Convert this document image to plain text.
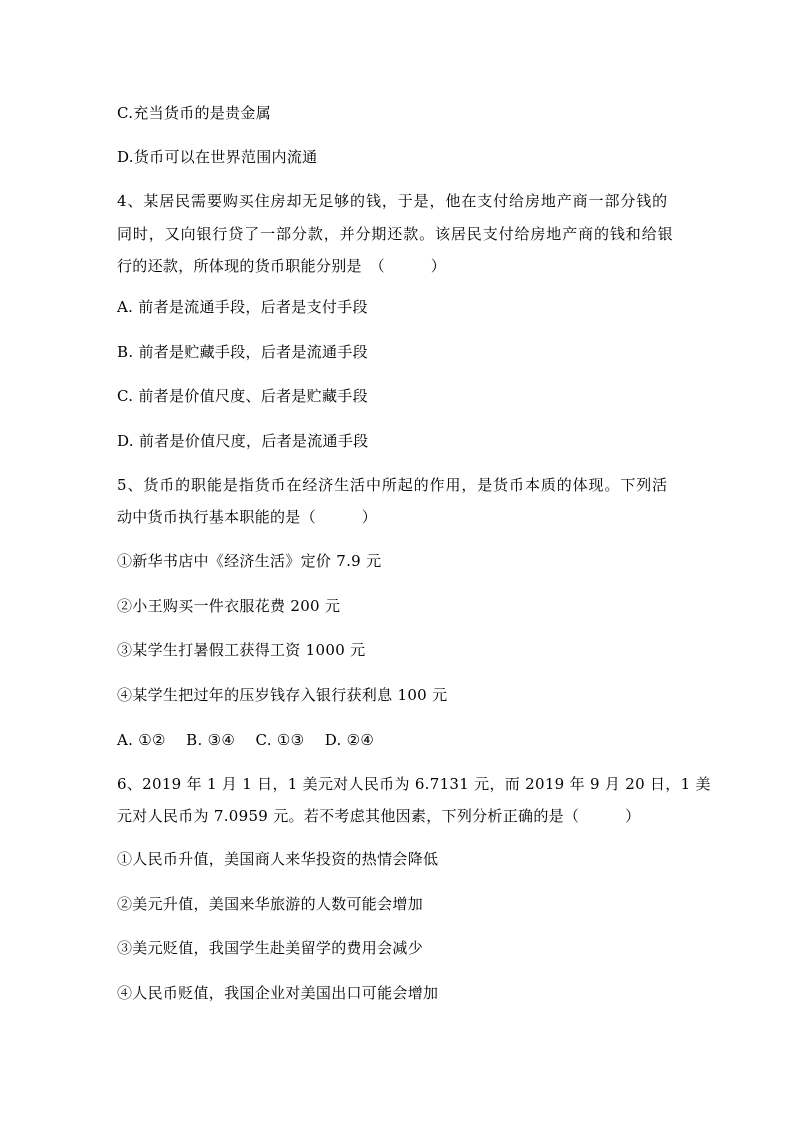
C.充当货币的是贵金属
D.货币可以在世界范围内流通
4、某居民需要购买住房却无足够的钱，于是，他在支付给房地产商一部分钱的
同时，又向银行贷了一部分款，并分期还款。该居民支付给房地产商的钱和给银
行的还款，所体现的货币职能分别是　（　　　）
A. 前者是流通手段，后者是支付手段
B. 前者是贮藏手段，后者是流通手段
C. 前者是价值尺度、后者是贮藏手段
D. 前者是价值尺度，后者是流通手段
5、货币的职能是指货币在经济生活中所起的作用，是货币本质的体现。下列活
动中货币执行基本职能的是（　　　）
①新华书店中《经济生活》定价 7.9 元
②小王购买一件衣服花费 200 元
③某学生打暑假工获得工资 1000 元
④某学生把过年的压岁钱存入银行获利息 100 元
A. ①②　 B. ③④　 C. ①③　 D. ②④
6、2019 年 1 月 1 日，1 美元对人民币为 6.7131 元，而 2019 年 9 月 20 日，1 美
元对人民币为 7.0959 元。若不考虑其他因素，下列分析正确的是（　　　）
①人民币升值，美国商人来华投资的热情会降低
②美元升值，美国来华旅游的人数可能会增加
③美元贬值，我国学生赴美留学的费用会减少
④人民币贬值，我国企业对美国出口可能会增加
